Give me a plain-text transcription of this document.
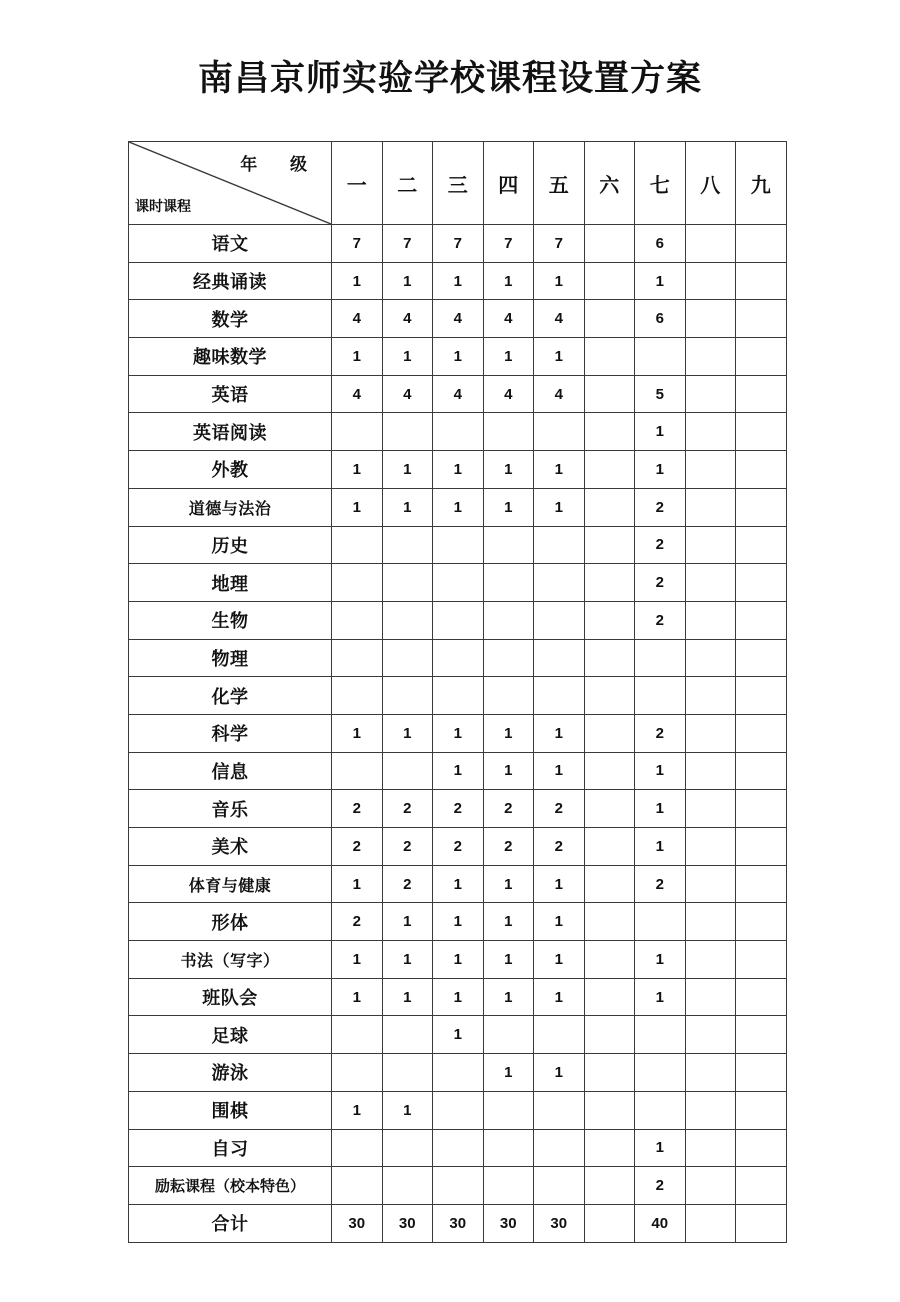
南昌京师实验学校课程设置方案
年 级
课时课程	一	二	三	四	五	六	七	八	九
语文	7	7	7	7	7		6		
经典诵读	1	1	1	1	1		1		
数学	4	4	4	4	4		6		
趣味数学	1	1	1	1	1				
英语	4	4	4	4	4		5		
英语阅读							1		
外教	1	1	1	1	1		1		
道德与法治	1	1	1	1	1		2		
历史							2		
地理							2		
生物							2		
物理									
化学									
科学	1	1	1	1	1		2		
信息			1	1	1		1		
音乐	2	2	2	2	2		1		
美术	2	2	2	2	2		1		
体育与健康	1	2	1	1	1		2		
形体	2	1	1	1	1				
书法（写字）	1	1	1	1	1		1		
班队会	1	1	1	1	1		1		
足球			1						
游泳				1	1				
围棋	1	1							
自习							1		
励耘课程（校本特色）							2		
合计	30	30	30	30	30		40		
